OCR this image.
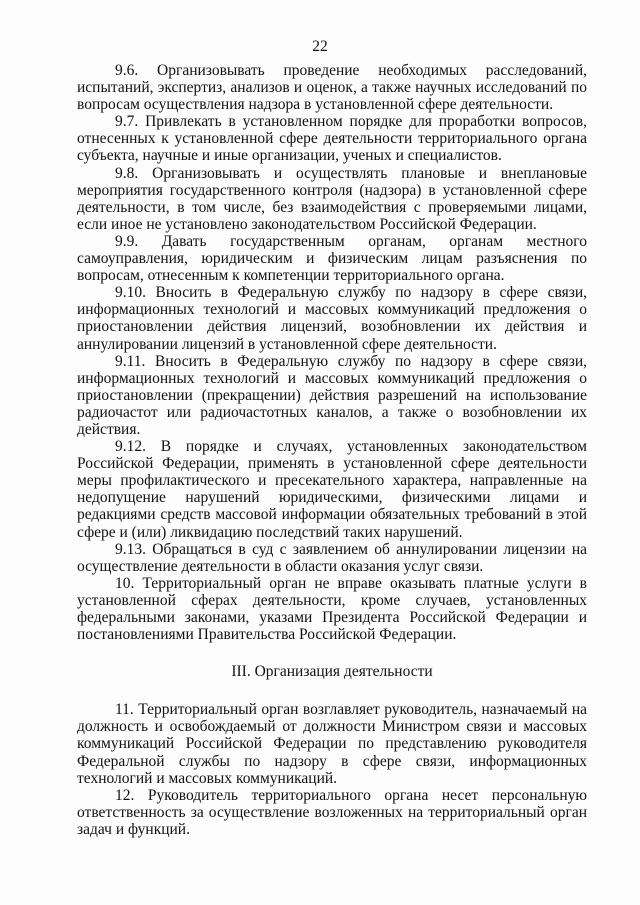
22

9.6. Организовывать проведение необходимых расследований, испытаний, экспертиз, анализов и оценок, а также научных исследований по вопросам осуществления надзора в установленной сфере деятельности.

9.7. Привлекать в установленном порядке для проработки вопросов, отнесенных к установленной сфере деятельности территориального органа субъекта, научные и иные организации, ученых и специалистов.

9.8. Организовывать и осуществлять плановые и внеплановые мероприятия государственного контроля (надзора) в установленной сфере деятельности, в том числе, без взаимодействия с проверяемыми лицами, если иное не установлено законодательством Российской Федерации.

9.9. Давать государственным органам, органам местного самоуправления, юридическим и физическим лицам разъяснения по вопросам, отнесенным к компетенции территориального органа.

9.10. Вносить в Федеральную службу по надзору в сфере связи, информационных технологий и массовых коммуникаций предложения о приостановлении действия лицензий, возобновлении их действия и аннулировании лицензий в установленной сфере деятельности.

9.11. Вносить в Федеральную службу по надзору в сфере связи, информационных технологий и массовых коммуникаций предложения о приостановлении (прекращении) действия разрешений на использование радиочастот или радиочастотных каналов, а также о возобновлении их действия.

9.12. В порядке и случаях, установленных законодательством Российской Федерации, применять в установленной сфере деятельности меры профилактического и пресекательного характера, направленные на недопущение нарушений юридическими, физическими лицами и редакциями средств массовой информации обязательных требований в этой сфере и (или) ликвидацию последствий таких нарушений.

9.13. Обращаться в суд с заявлением об аннулировании лицензии на осуществление деятельности в области оказания услуг связи.

10. Территориальный орган не вправе оказывать платные услуги в установленной сферах деятельности, кроме случаев, установленных федеральными законами, указами Президента Российской Федерации и постановлениями Правительства Российской Федерации.

III. Организация деятельности

11. Территориальный орган возглавляет руководитель, назначаемый на должность и освобождаемый от должности Министром связи и массовых коммуникаций Российской Федерации по представлению руководителя Федеральной службы по надзору в сфере связи, информационных технологий и массовых коммуникаций.

12. Руководитель территориального органа несет персональную ответственность за осуществление возложенных на территориальный орган задач и функций.
